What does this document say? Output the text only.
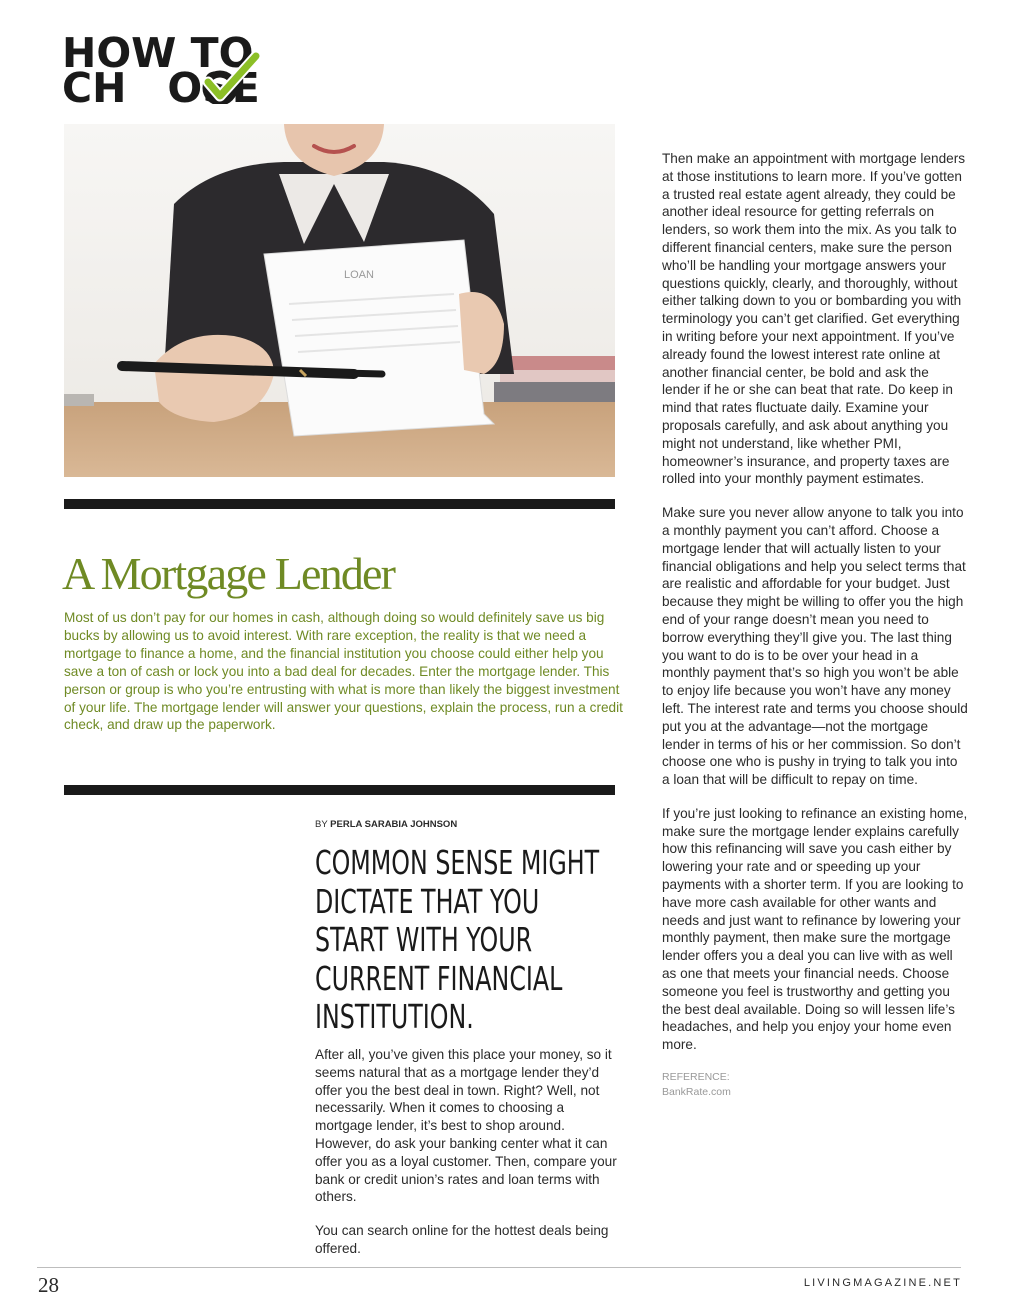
HOW TO
CH OSE
LOAN
A Mortgage Lender

Most of us don’t pay for our homes in cash, although doing so would definitely save us big bucks by allowing us to avoid interest. With rare exception, the reality is that we need a mortgage to finance a home, and the financial institution you choose could either help you save a ton of cash or lock you into a bad deal for decades. Enter the mortgage lender. This person or group is who you’re entrusting with what is more than likely the biggest investment of your life. The mortgage lender will answer your questions, explain the process, run a credit check, and draw up the paperwork.

BY PERLA SARABIA JOHNSON

COMMON SENSE MIGHT DICTATE THAT YOU START WITH YOUR CURRENT FINANCIAL INSTITUTION.

After all, you’ve given this place your money, so it seems natural that as a mortgage lender they’d offer you the best deal in town. Right? Well, not necessarily. When it comes to choosing a mortgage lender, it’s best to shop around. However, do ask your banking center what it can offer you as a loyal customer. Then, compare your bank or credit union’s rates and loan terms with others.

You can search online for the hottest deals being offered.

Then make an appointment with mortgage lenders at those institutions to learn more. If you’ve gotten a trusted real estate agent already, they could be another ideal resource for getting referrals on lenders, so work them into the mix. As you talk to different financial centers, make sure the person who’ll be handling your mortgage answers your questions quickly, clearly, and thoroughly, without either talking down to you or bombarding you with terminology you can’t get clarified. Get everything in writing before your next appointment. If you’ve already found the lowest interest rate online at another financial center, be bold and ask the lender if he or she can beat that rate. Do keep in mind that rates fluctuate daily. Examine your proposals carefully, and ask about anything you might not understand, like whether PMI, homeowner’s insurance, and property taxes are rolled into your monthly payment estimates.

Make sure you never allow anyone to talk you into a monthly payment you can’t afford. Choose a mortgage lender that will actually listen to your financial obligations and help you select terms that are realistic and affordable for your budget. Just because they might be willing to offer you the high end of your range doesn’t mean you need to borrow everything they’ll give you. The last thing you want to do is to be over your head in a monthly payment that’s so high you won’t be able to enjoy life because you won’t have any money left. The interest rate and terms you choose should put you at the advantage—not the mortgage lender in terms of his or her commission. So don’t choose one who is pushy in trying to talk you into a loan that will be difficult to repay on time.

If you’re just looking to refinance an existing home, make sure the mortgage lender explains carefully how this refinancing will save you cash either by lowering your rate and or speeding up your payments with a shorter term. If you are looking to have more cash available for other wants and needs and just want to refinance by lowering your monthly payment, then make sure the mortgage lender offers you a deal you can live with as well as one that meets your financial needs. Choose someone you feel is trustworthy and getting you the best deal available. Doing so will lessen life’s headaches, and help you enjoy your home even more.

REFERENCE:
BankRate.com

28	LIVINGMAGAZINE.NET
